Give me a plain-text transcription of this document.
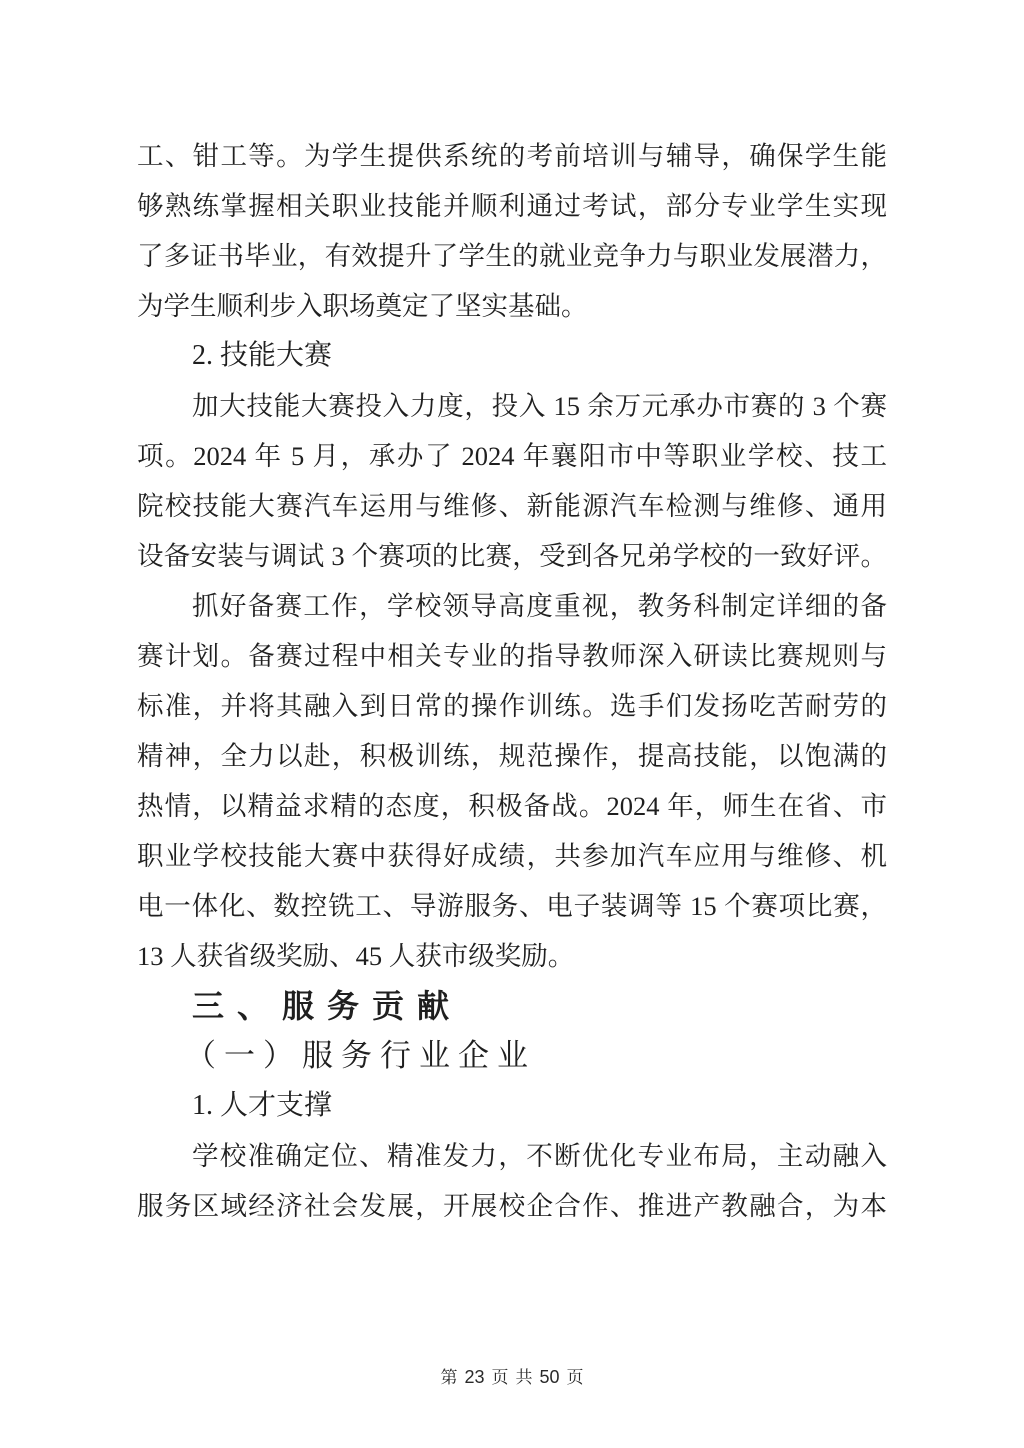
工、钳工等。为学生提供系统的考前培训与辅导，确保学生能
够熟练掌握相关职业技能并顺利通过考试，部分专业学生实现
了多证书毕业，有效提升了学生的就业竞争力与职业发展潜力，
为学生顺利步入职场奠定了坚实基础。

2. 技能大赛

加大技能大赛投入力度，投入 15 余万元承办市赛的 3 个赛
项。2024 年 5 月，承办了 2024 年襄阳市中等职业学校、技工
院校技能大赛汽车运用与维修、新能源汽车检测与维修、通用
设备安装与调试 3 个赛项的比赛，受到各兄弟学校的一致好评。

抓好备赛工作，学校领导高度重视，教务科制定详细的备
赛计划。备赛过程中相关专业的指导教师深入研读比赛规则与
标准，并将其融入到日常的操作训练。选手们发扬吃苦耐劳的
精神，全力以赴，积极训练，规范操作，提高技能，以饱满的
热情，以精益求精的态度，积极备战。2024 年，师生在省、市
职业学校技能大赛中获得好成绩，共参加汽车应用与维修、机
电一体化、数控铣工、导游服务、电子装调等 15 个赛项比赛，
13 人获省级奖励、45 人获市级奖励。

三、服务贡献
（一）服务行业企业
1. 人才支撑

学校准确定位、精准发力，不断优化专业布局，主动融入
服务区域经济社会发展，开展校企合作、推进产教融合，为本

第 23 页 共 50 页
